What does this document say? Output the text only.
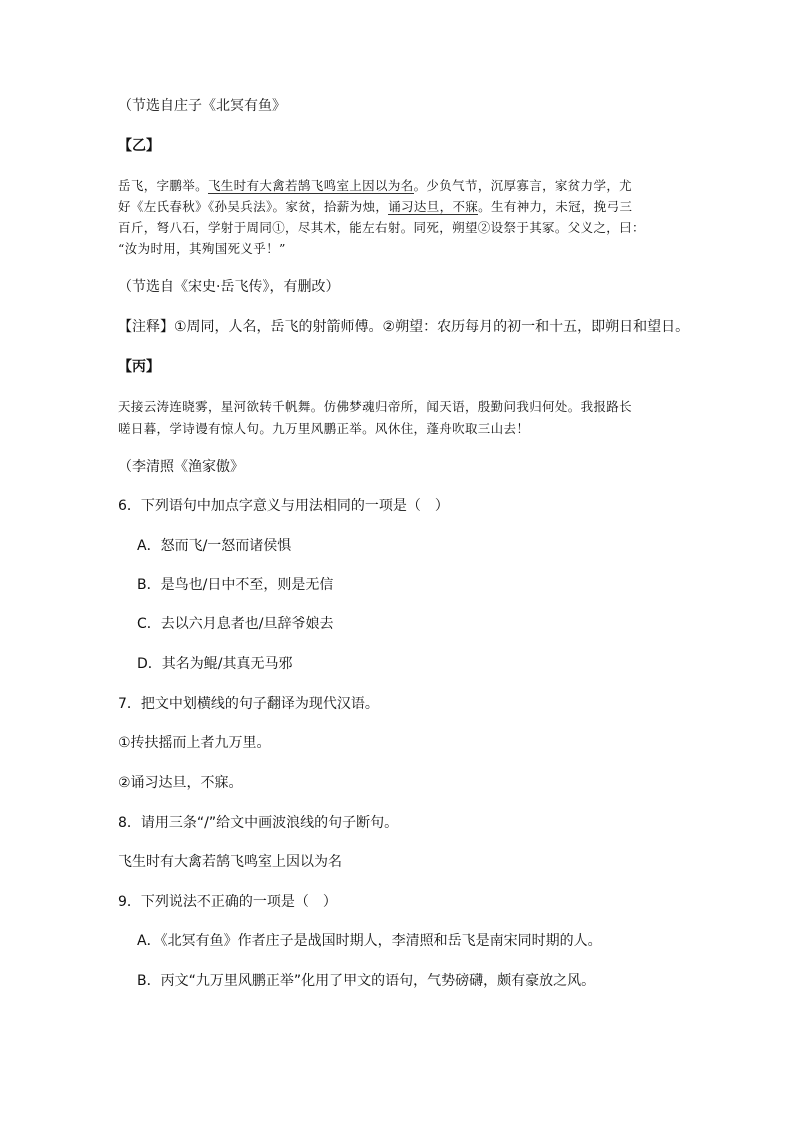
（节选自庄子《北冥有鱼》
【乙】
岳飞，字鹏举。飞生时有大禽若鹄飞鸣室上因以为名。少负气节，沉厚寡言，家贫力学，尤
好《左氏春秋》《孙吴兵法》。家贫，拾薪为烛，诵习达旦，不寐。生有神力，未冠，挽弓三
百斤，弩八石，学射于周同①，尽其术，能左右射。同死，朔望②设祭于其冢。父义之，曰：
“汝为时用，其殉国死义乎！”
（节选自《宋史·岳飞传》，有删改）
【注释】①周同，人名，岳飞的射箭师傅。②朔望：农历每月的初一和十五，即朔日和望日。
【丙】
天接云涛连晓雾，星河欲转千帆舞。仿佛梦魂归帝所，闻天语，殷勤问我归何处。我报路长
嗟日暮，学诗谩有惊人句。九万里风鹏正举。风休住，蓬舟吹取三山去！
（李清照《渔家傲》
6．下列语句中加点字意义与用法相同的一项是（　）
A．怒而飞/一怒而诸侯惧
B．是鸟也/日中不至，则是无信
C．去以六月息者也/旦辞爷娘去
D．其名为鲲/其真无马邪
7．把文中划横线的句子翻译为现代汉语。
①抟扶摇而上者九万里。
②诵习达旦，不寐。
8．请用三条“/”给文中画波浪线的句子断句。
飞生时有大禽若鹄飞鸣室上因以为名
9．下列说法不正确的一项是（　）
A．《北冥有鱼》作者庄子是战国时期人，李清照和岳飞是南宋同时期的人。
B．丙文“九万里风鹏正举”化用了甲文的语句，气势磅礴，颇有豪放之风。
